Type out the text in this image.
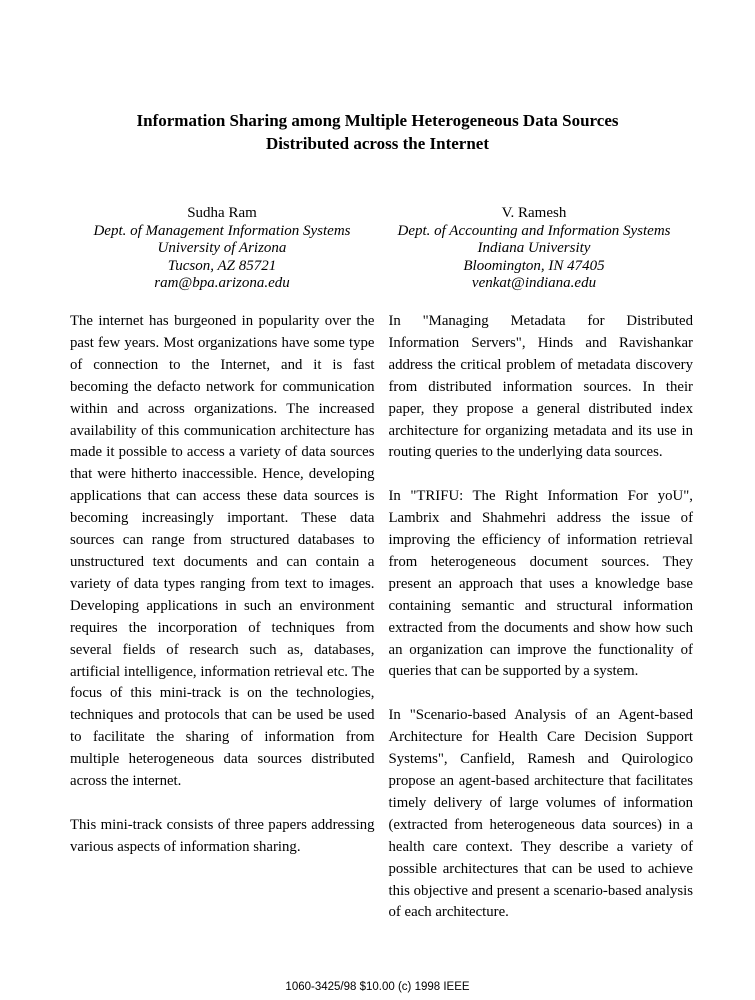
Information Sharing among Multiple Heterogeneous Data Sources
Distributed across the Internet
Sudha Ram
Dept. of Management Information Systems
University of Arizona
Tucson, AZ 85721
ram@bpa.arizona.edu
V. Ramesh
Dept. of Accounting and Information Systems
Indiana University
Bloomington, IN 47405
venkat@indiana.edu

The internet has burgeoned in popularity over the past few years. Most organizations have some type of connection to the Internet, and it is fast becoming the defacto network for communication within and across organizations. The increased availability of this communication architecture has made it possible to access a variety of data sources that were hitherto inaccessible. Hence, developing applications that can access these data sources is becoming increasingly important. These data sources can range from structured databases to unstructured text documents and can contain a variety of data types ranging from text to images. Developing applications in such an environment requires the incorporation of techniques from several fields of research such as, databases, artificial intelligence, information retrieval etc. The focus of this mini-track is on the technologies, techniques and protocols that can be used be used to facilitate the sharing of information from multiple heterogeneous data sources distributed across the internet.

This mini-track consists of three papers addressing various aspects of information sharing.

In "Managing Metadata for Distributed Information Servers", Hinds and Ravishankar address the critical problem of metadata discovery from distributed information sources. In their paper, they propose a general distributed index architecture for organizing metadata and its use in routing queries to the underlying data sources.

In "TRIFU: The Right Information For yoU", Lambrix and Shahmehri address the issue of improving the efficiency of information retrieval from heterogeneous document sources. They present an approach that uses a knowledge base containing semantic and structural information extracted from the documents and show how such an organization can improve the functionality of queries that can be supported by a system.

In "Scenario-based Analysis of an Agent-based Architecture for Health Care Decision Support Systems", Canfield, Ramesh and Quirologico propose an agent-based architecture that facilitates timely delivery of large volumes of information (extracted from heterogeneous data sources) in a health care context. They describe a variety of possible architectures that can be used to achieve this objective and present a scenario-based analysis of each architecture.

1060-3425/98 $10.00 (c) 1998 IEEE
